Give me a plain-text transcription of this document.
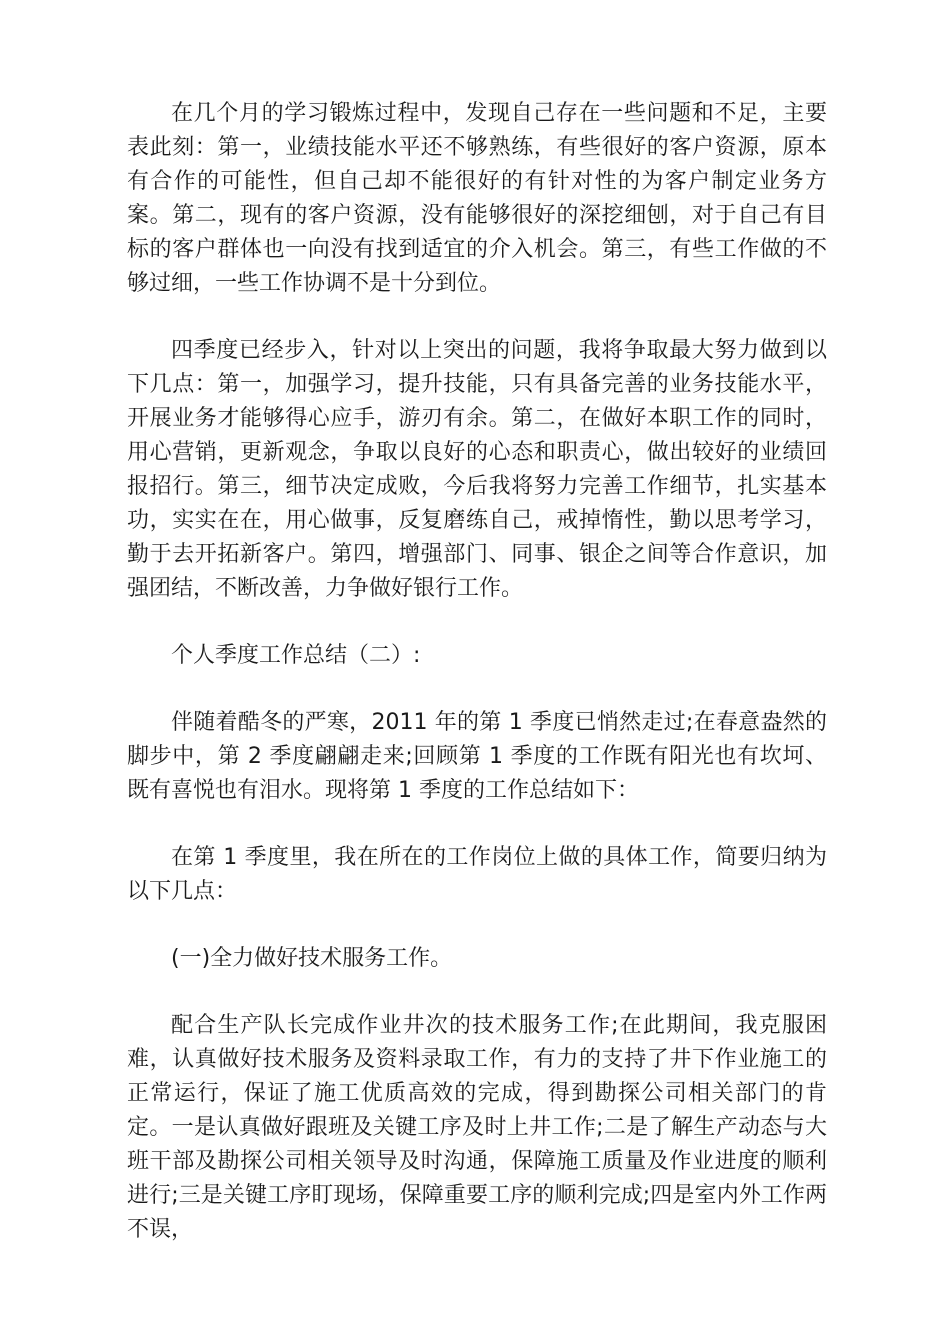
在几个月的学习锻炼过程中，发现自己存在一些问题和不足，主要表此刻：第一，业绩技能水平还不够熟练，有些很好的客户资源，原本有合作的可能性，但自己却不能很好的有针对性的为客户制定业务方案。第二，现有的客户资源，没有能够很好的深挖细刨，对于自己有目标的客户群体也一向没有找到适宜的介入机会。第三，有些工作做的不够过细，一些工作协调不是十分到位。

四季度已经步入，针对以上突出的问题，我将争取最大努力做到以下几点：第一，加强学习，提升技能，只有具备完善的业务技能水平，开展业务才能够得心应手，游刃有余。第二，在做好本职工作的同时，用心营销，更新观念，争取以良好的心态和职责心，做出较好的业绩回报招行。第三，细节决定成败，今后我将努力完善工作细节，扎实基本功，实实在在，用心做事，反复磨练自己，戒掉惰性，勤以思考学习，勤于去开拓新客户。第四，增强部门、同事、银企之间等合作意识，加强团结，不断改善，力争做好银行工作。

个人季度工作总结（二）:

伴随着酷冬的严寒，2011 年的第 1 季度已悄然走过;在春意盎然的脚步中，第 2 季度翩翩走来;回顾第 1 季度的工作既有阳光也有坎坷、既有喜悦也有泪水。现将第 1 季度的工作总结如下：

在第 1 季度里，我在所在的工作岗位上做的具体工作，简要归纳为以下几点：

(一)全力做好技术服务工作。

配合生产队长完成作业井次的技术服务工作;在此期间，我克服困难，认真做好技术服务及资料录取工作，有力的支持了井下作业施工的正常运行，保证了施工优质高效的完成，得到勘探公司相关部门的肯定。一是认真做好跟班及关键工序及时上井工作;二是了解生产动态与大班干部及勘探公司相关领导及时沟通，保障施工质量及作业进度的顺利进行;三是关键工序盯现场，保障重要工序的顺利完成;四是室内外工作两不误，
